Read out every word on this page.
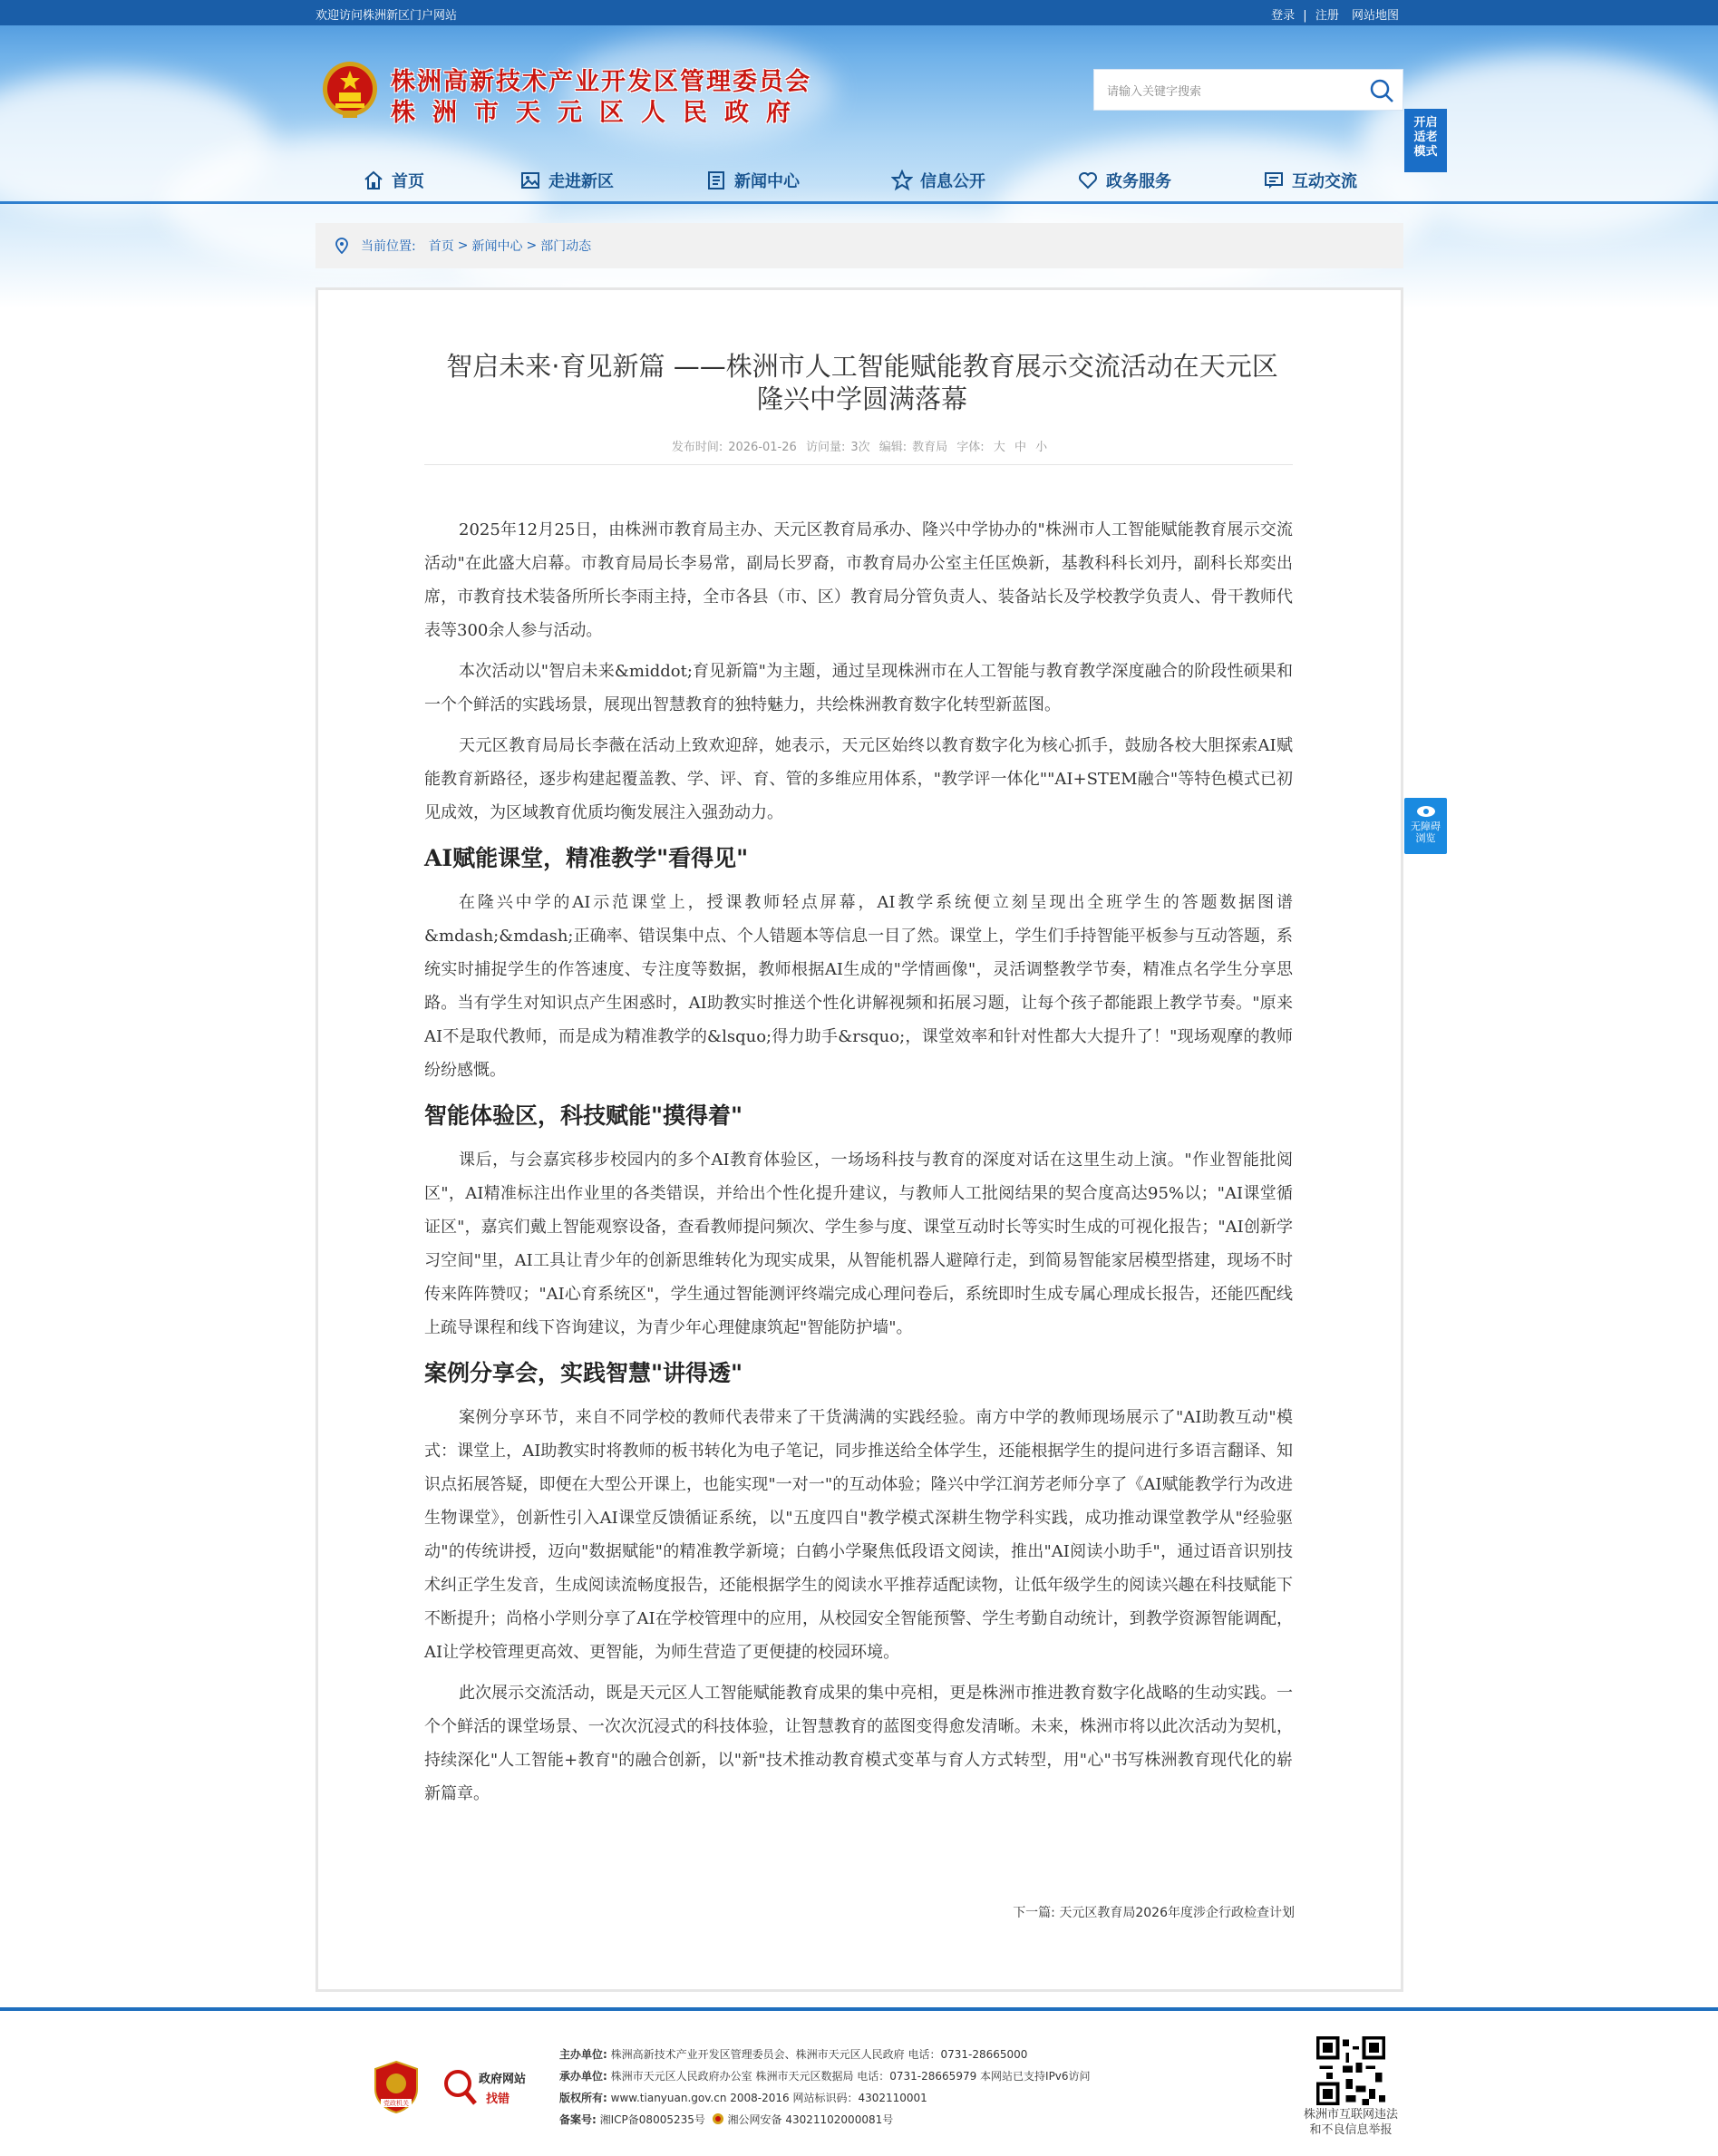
欢迎访问株洲新区门户网站	登录 | 注册 网站地图
株洲高新技术产业开发区管理委员会
株洲市天元区人民政府
请输入关键字搜索	开启
适老
模式
首页	走进新区	新闻中心	信息公开	政务服务	互动交流
当前位置: 首页 > 新闻中心 > 部门动态
智启未来·育见新篇 ——株洲市人工智能赋能教育展示交流活动在天元区
隆兴中学圆满落幕
发布时间: 2026-01-26 访问量: 3次 编辑: 教育局 字体: 大 中 小

2025年12月25日，由株洲市教育局主办、天元区教育局承办、隆兴中学协办的"株洲市人工智能赋能教育展示交流活动"在此盛大启幕。市教育局局长李易常，副局长罗裔，市教育局办公室主任匡焕新，基教科科长刘丹，副科长郑奕出席，市教育技术装备所所长李雨主持，全市各县（市、区）教育局分管负责人、装备站长及学校教学负责人、骨干教师代表等300余人参与活动。

本次活动以"智启未来&middot;育见新篇"为主题，通过呈现株洲市在人工智能与教育教学深度融合的阶段性硕果和一个个鲜活的实践场景，展现出智慧教育的独特魅力，共绘株洲教育数字化转型新蓝图。

天元区教育局局长李薇在活动上致欢迎辞，她表示，天元区始终以教育数字化为核心抓手，鼓励各校大胆探索AI赋能教育新路径，逐步构建起覆盖教、学、评、育、管的多维应用体系，"教学评一体化""AI+STEM融合"等特色模式已初见成效，为区域教育优质均衡发展注入强劲动力。

AI赋能课堂，精准教学"看得见"

在隆兴中学的AI示范课堂上，授课教师轻点屏幕，AI教学系统便立刻呈现出全班学生的答题数据图谱&mdash;&mdash;正确率、错误集中点、个人错题本等信息一目了然。课堂上，学生们手持智能平板参与互动答题，系统实时捕捉学生的作答速度、专注度等数据，教师根据AI生成的"学情画像"，灵活调整教学节奏，精准点名学生分享思路。当有学生对知识点产生困惑时，AI助教实时推送个性化讲解视频和拓展习题，让每个孩子都能跟上教学节奏。"原来AI不是取代教师，而是成为精准教学的&lsquo;得力助手&rsquo;，课堂效率和针对性都大大提升了！"现场观摩的教师纷纷感慨。

智能体验区，科技赋能"摸得着"

课后，与会嘉宾移步校园内的多个AI教育体验区，一场场科技与教育的深度对话在这里生动上演。"作业智能批阅区"，AI精准标注出作业里的各类错误，并给出个性化提升建议，与教师人工批阅结果的契合度高达95%以；"AI课堂循证区"，嘉宾们戴上智能观察设备，查看教师提问频次、学生参与度、课堂互动时长等实时生成的可视化报告；"AI创新学习空间"里，AI工具让青少年的创新思维转化为现实成果，从智能机器人避障行走，到简易智能家居模型搭建，现场不时传来阵阵赞叹；"AI心育系统区"，学生通过智能测评终端完成心理问卷后，系统即时生成专属心理成长报告，还能匹配线上疏导课程和线下咨询建议，为青少年心理健康筑起"智能防护墙"。

案例分享会，实践智慧"讲得透"

案例分享环节，来自不同学校的教师代表带来了干货满满的实践经验。南方中学的教师现场展示了"AI助教互动"模式：课堂上，AI助教实时将教师的板书转化为电子笔记，同步推送给全体学生，还能根据学生的提问进行多语言翻译、知识点拓展答疑，即便在大型公开课上，也能实现"一对一"的互动体验；隆兴中学江润芳老师分享了《AI赋能教学行为改进生物课堂》，创新性引入AI课堂反馈循证系统，以"五度四自"教学模式深耕生物学科实践，成功推动课堂教学从"经验驱动"的传统讲授，迈向"数据赋能"的精准教学新境；白鹤小学聚焦低段语文阅读，推出"AI阅读小助手"，通过语音识别技术纠正学生发音，生成阅读流畅度报告，还能根据学生的阅读水平推荐适配读物，让低年级学生的阅读兴趣在科技赋能下不断提升；尚格小学则分享了AI在学校管理中的应用，从校园安全智能预警、学生考勤自动统计，到教学资源智能调配，AI让学校管理更高效、更智能，为师生营造了更便捷的校园环境。

此次展示交流活动，既是天元区人工智能赋能教育成果的集中亮相，更是株洲市推进教育数字化战略的生动实践。一个个鲜活的课堂场景、一次次沉浸式的科技体验，让智慧教育的蓝图变得愈发清晰。未来，株洲市将以此次活动为契机，持续深化"人工智能+教育"的融合创新，以"新"技术推动教育模式变革与育人方式转型，用"心"书写株洲教育现代化的崭新篇章。

下一篇: 天元区教育局2026年度涉企行政检查计划
无障碍
浏览
党政机关
政府网站
找错
主办单位: 株洲高新技术产业开发区管理委员会、株洲市天元区人民政府 电话：0731-28665000
承办单位: 株洲市天元区人民政府办公室 株洲市天元区数据局 电话：0731-28665979 本网站已支持IPv6访问
版权所有: www.tianyuan.gov.cn 2008-2016 网站标识码：4302110001
备案号: 湘ICP备08005235号 湘公网安备 43021102000081号	株洲市互联网违法
和不良信息举报
